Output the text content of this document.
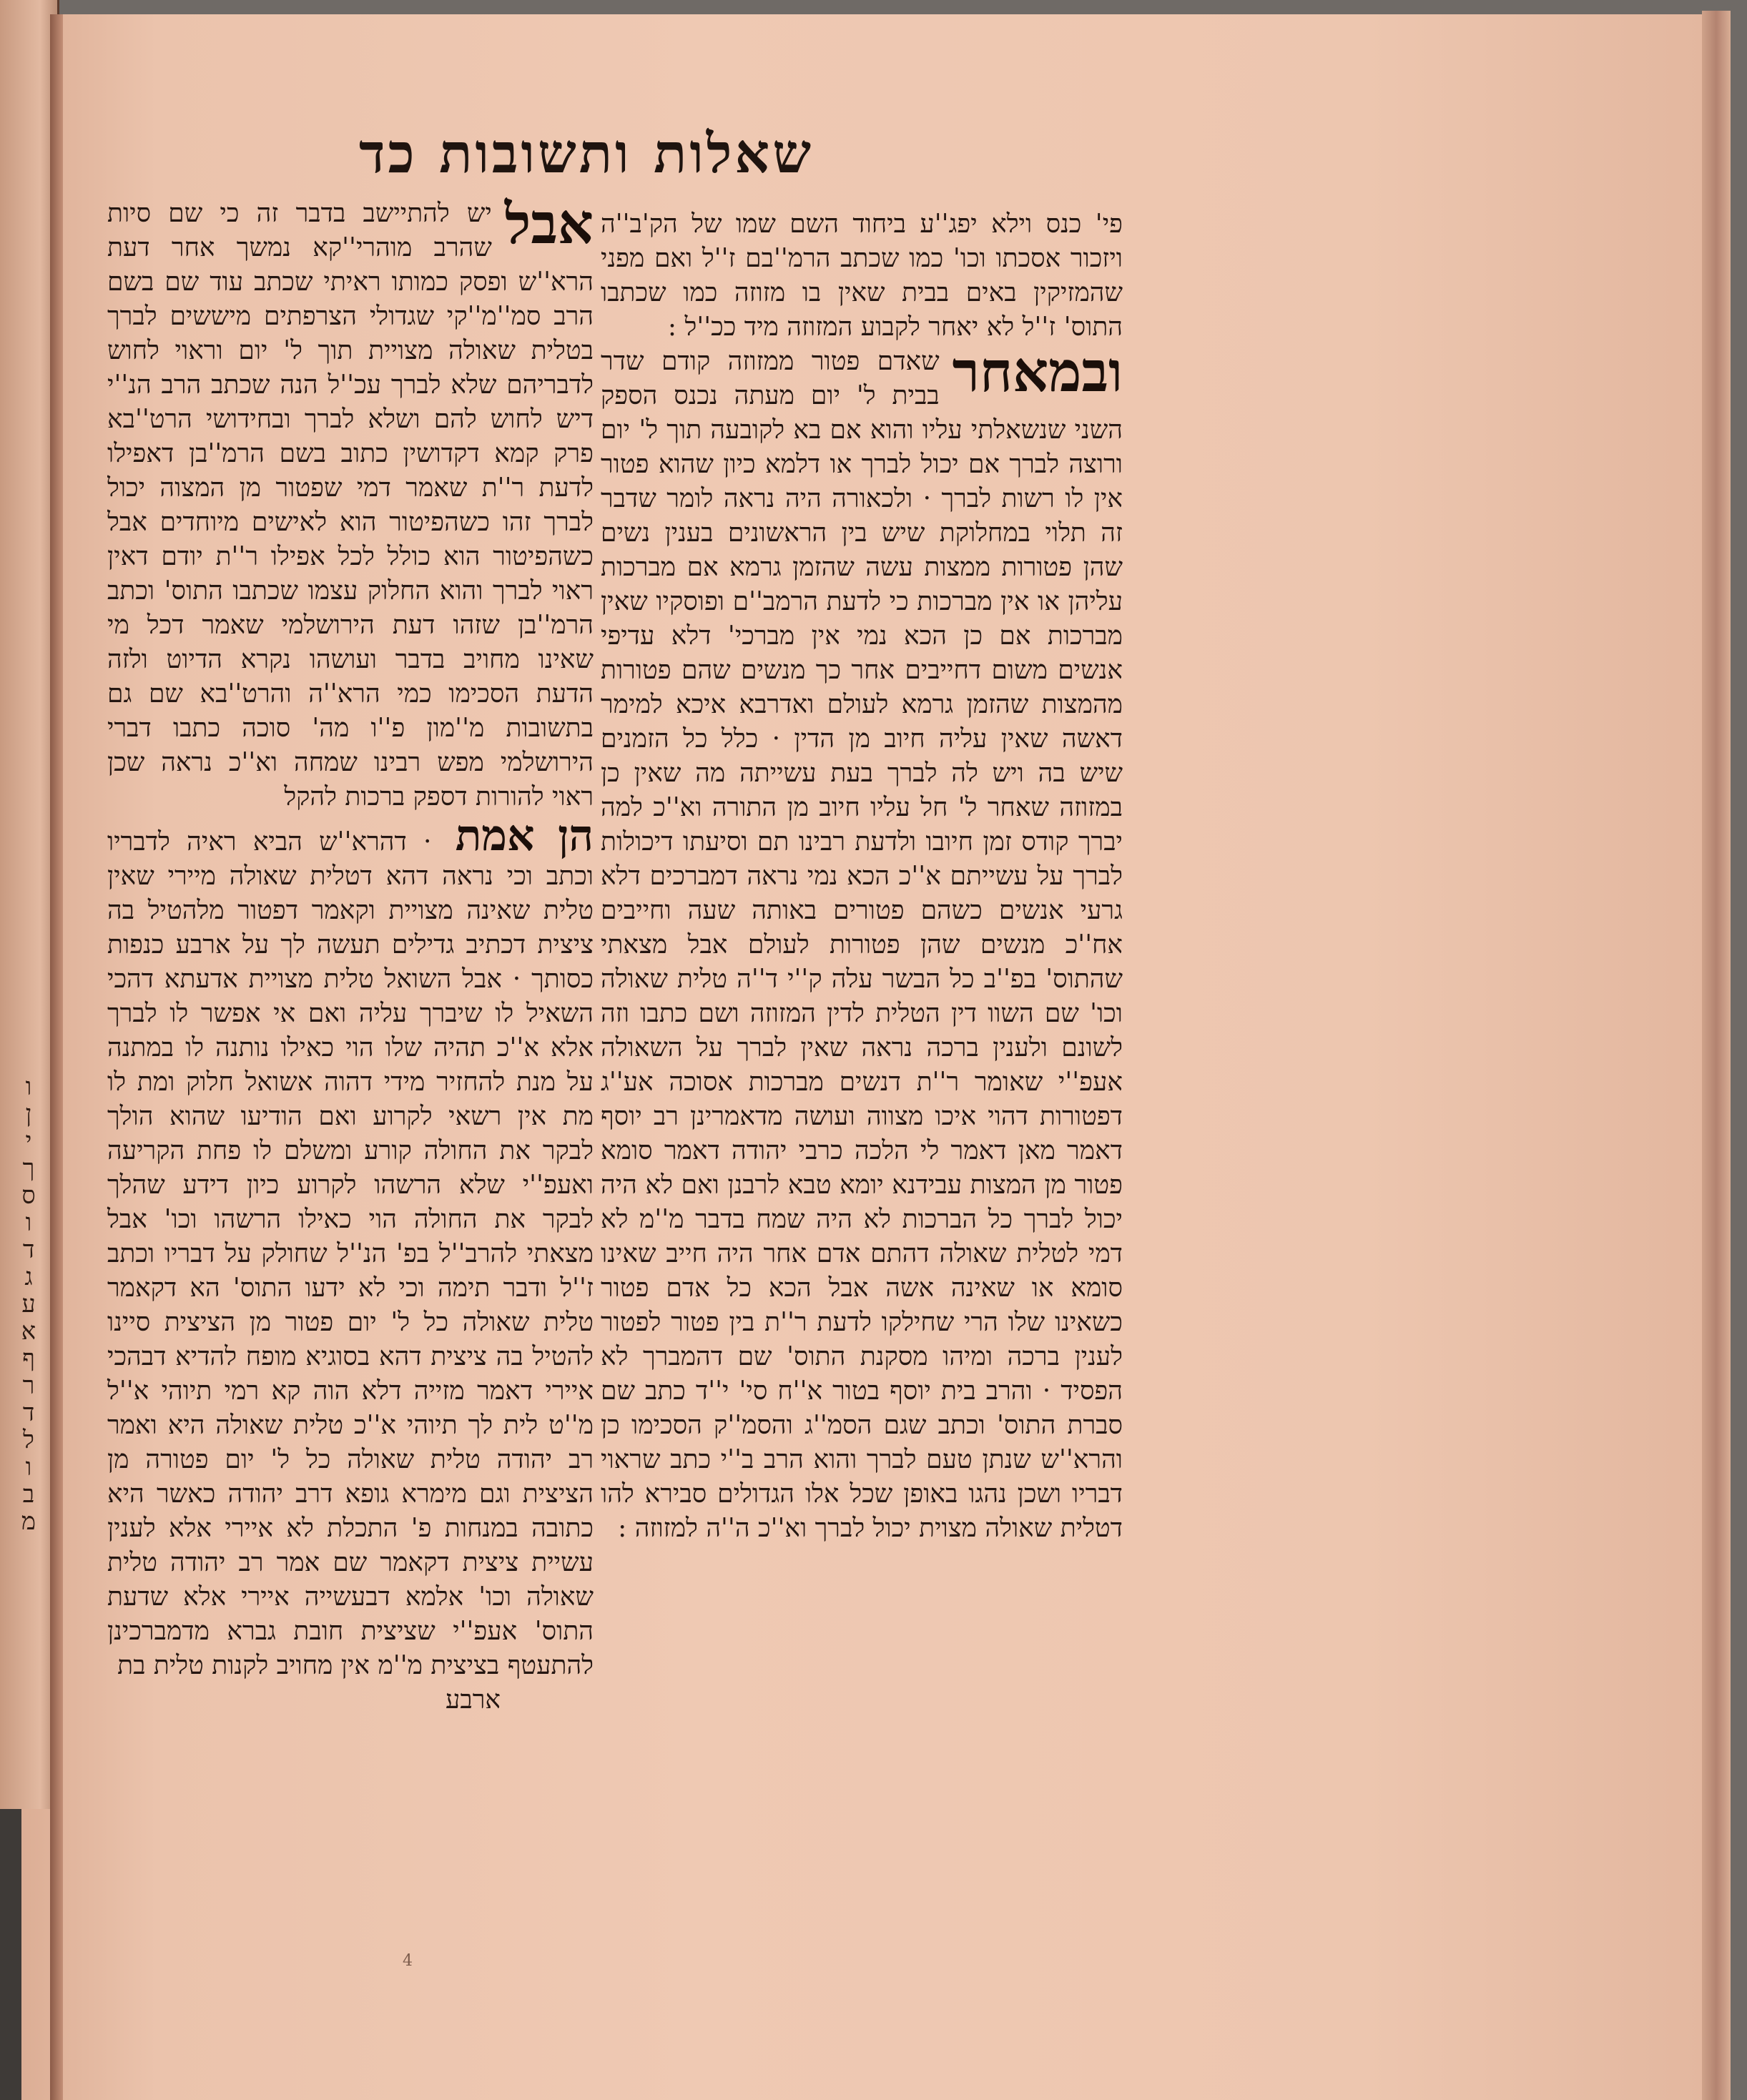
ו
ן
י
ך
ס
ו
ד
ג
ע
א
ף
ר
ד
ל
ו
ב
מ
שאלות ותשובות כד

פי' כנס וילא יפג''ע ביחוד השם שמו של הק'ב''ה ויזכור אסכתו וכו' כמו שכתב הרמ''בם ז''ל ואם מפני שהמזיקין באים בבית שאין בו מזוזה כמו שכתבו התוס' ז''ל לא יאחר לקבוע המזוזה מיד ככ''ל :

ובמאחר
שאדם פטור ממזוזה קודם שדר בבית ל' יום מעתה נכנס הספק השני שנשאלתי עליו והוא אם בא לקובעה תוך ל' יום ורוצה לברך אם יכול לברך או דלמא כיון שהוא פטור אין לו רשות לברך · ולכאורה היה נראה לומר שדבר זה תלוי במחלוקת שיש בין הראשונים בענין נשים שהן פטורות ממצות עשה שהזמן גרמא אם מברכות עליהן או אין מברכות כי לדעת הרמב''ם ופוסקיו שאין מברכות אם כן הכא נמי אין מברכי' דלא עדיפי אנשים משום דחייבים אחר כך מנשים שהם פטורות מהמצות שהזמן גרמא לעולם ואדרבא איכא למימר דאשה שאין עליה חיוב מן הדין · כלל כל הזמנים שיש בה ויש לה לברך בעת עשייתה מה שאין כן במזוזה שאחר ל' חל עליו חיוב מן התורה וא''כ למה יברך קודס זמן חיובו ולדעת רבינו תם וסיעתו דיכולות לברך על עשייתם א''כ הכא נמי נראה דמברכים דלא גרעי אנשים כשהם פטורים באותה שעה וחייבים אח''כ מנשים שהן פטורות לעולם אבל מצאתי שהתוס' בפ''ב כל הבשר עלה ק''י ד''ה טלית שאולה וכו' שם השוו דין הטלית לדין המזוזה ושם כתבו וזה לשונם ולענין ברכה נראה שאין לברך על השאולה אעפ''י שאומר ר''ת דנשים מברכות אסוכה אע''ג דפטורות דהוי איכו מצווה ועושה מדאמרינן רב יוסף דאמר מאן דאמר לי הלכה כרבי יהודה דאמר סומא פטור מן המצות עבידנא יומא טבא לרבנן ואם לא היה יכול לברך כל הברכות לא היה שמח בדבר מ''מ לא דמי לטלית שאולה דהתם אדם אחר היה חייב שאינו סומא או שאינה אשה אבל הכא כל אדם פטור כשאינו שלו הרי שחילקו לדעת ר''ת בין פטור לפטור לענין ברכה ומיהו מסקנת התוס' שם דהמברך לא הפסיד · והרב בית יוסף בטור א''ח סי' י''ד כתב שם סברת התוס' וכתב שגם הסמ''ג והסמ''ק הסכימו כן והרא''ש שנתן טעם לברך והוא הרב ב''י כתב שראוי דבריו ושכן נהגו באופן שכל אלו הגדולים סבירא להו דטלית שאולה מצוית יכול לברך וא''כ ה''ה למזוזה :
אבל
יש להתיישב בדבר זה כי שם סיות שהרב מוהרי''קא נמשך אחר דעת הרא''ש ופסק כמותו ראיתי שכתב עוד שם בשם הרב סמ''מ''קי שגדולי הצרפתים מיששים לברך בטלית שאולה מצויית תוך ל' יום וראוי לחוש לדבריהם שלא לברך עכ''ל הנה שכתב הרב הנ''י דיש לחוש להם ושלא לברך ובחידושי הרט''בא פרק קמא דקדושין כתוב בשם הרמ''בן דאפילו לדעת ר''ת שאמר דמי שפטור מן המצוה יכול לברך זהו כשהפיטור הוא לאישים מיוחדים אבל כשהפיטור הוא כולל לכל אפילו ר''ת יודם דאין ראוי לברך והוא החלוק עצמו שכתבו התוס' וכתב הרמ''בן שזהו דעת הירושלמי שאמר דכל מי שאינו מחויב בדבר ועושהו נקרא הדיוט ולזה הדעת הסכימו כמי הרא''ה והרט''בא שם גם בתשובות מ''מון פ''ו מה' סוכה כתבו דברי הירושלמי מפש רבינו שמחה וא''כ נראה שכן ראוי להורות דספק ברכות להקל

הן אמת · דהרא''ש הביא ראיה לדבריו וכתב וכי נראה דהא דטלית שאולה מיירי שאין טלית שאינה מצויית וקאמר דפטור מלהטיל בה ציצית דכתיב גדילים תעשה לך על ארבע כנפות כסותך · אבל השואל טלית מצויית אדעתא דהכי השאיל לו שיברך עליה ואם אי אפשר לו לברך אלא א''כ תהיה שלו הוי כאילו נותנה לו במתנה על מנת להחזיר מידי דהוה אשואל חלוק ומת לו מת אין רשאי לקרוע ואם הודיעו שהוא הולך לבקר את החולה קורע ומשלם לו פחת הקריעה ואעפ''י שלא הרשהו לקרוע כיון דידע שהלך לבקר את החולה הוי כאילו הרשהו וכו' אבל מצאתי להרב''ל בפ' הנ''ל שחולק על דבריו וכתב ז''ל ודבר תימה וכי לא ידעו התוס' הא דקאמר טלית שאולה כל ל' יום פטור מן הציצית סיינו להטיל בה ציצית דהא בסוגיא מופח להדיא דבהכי איירי דאמר מזייה דלא הוה קא רמי תיוהי א''ל מ''ט לית לך תיוהי א''כ טלית שאולה היא ואמר רב יהודה טלית שאולה כל ל' יום פטורה מן הציצית וגם מימרא גופא דרב יהודה כאשר היא כתובה במנחות פ' התכלת לא איירי אלא לענין עשיית ציצית דקאמר שם אמר רב יהודה טלית שאולה וכו' אלמא דבעשייה איירי אלא שדעת התוס' אעפ''י שציצית חובת גברא מדמברכינן להתעטף בציצית מ''מ אין מחויב לקנות טלית בת

ארבע
4
